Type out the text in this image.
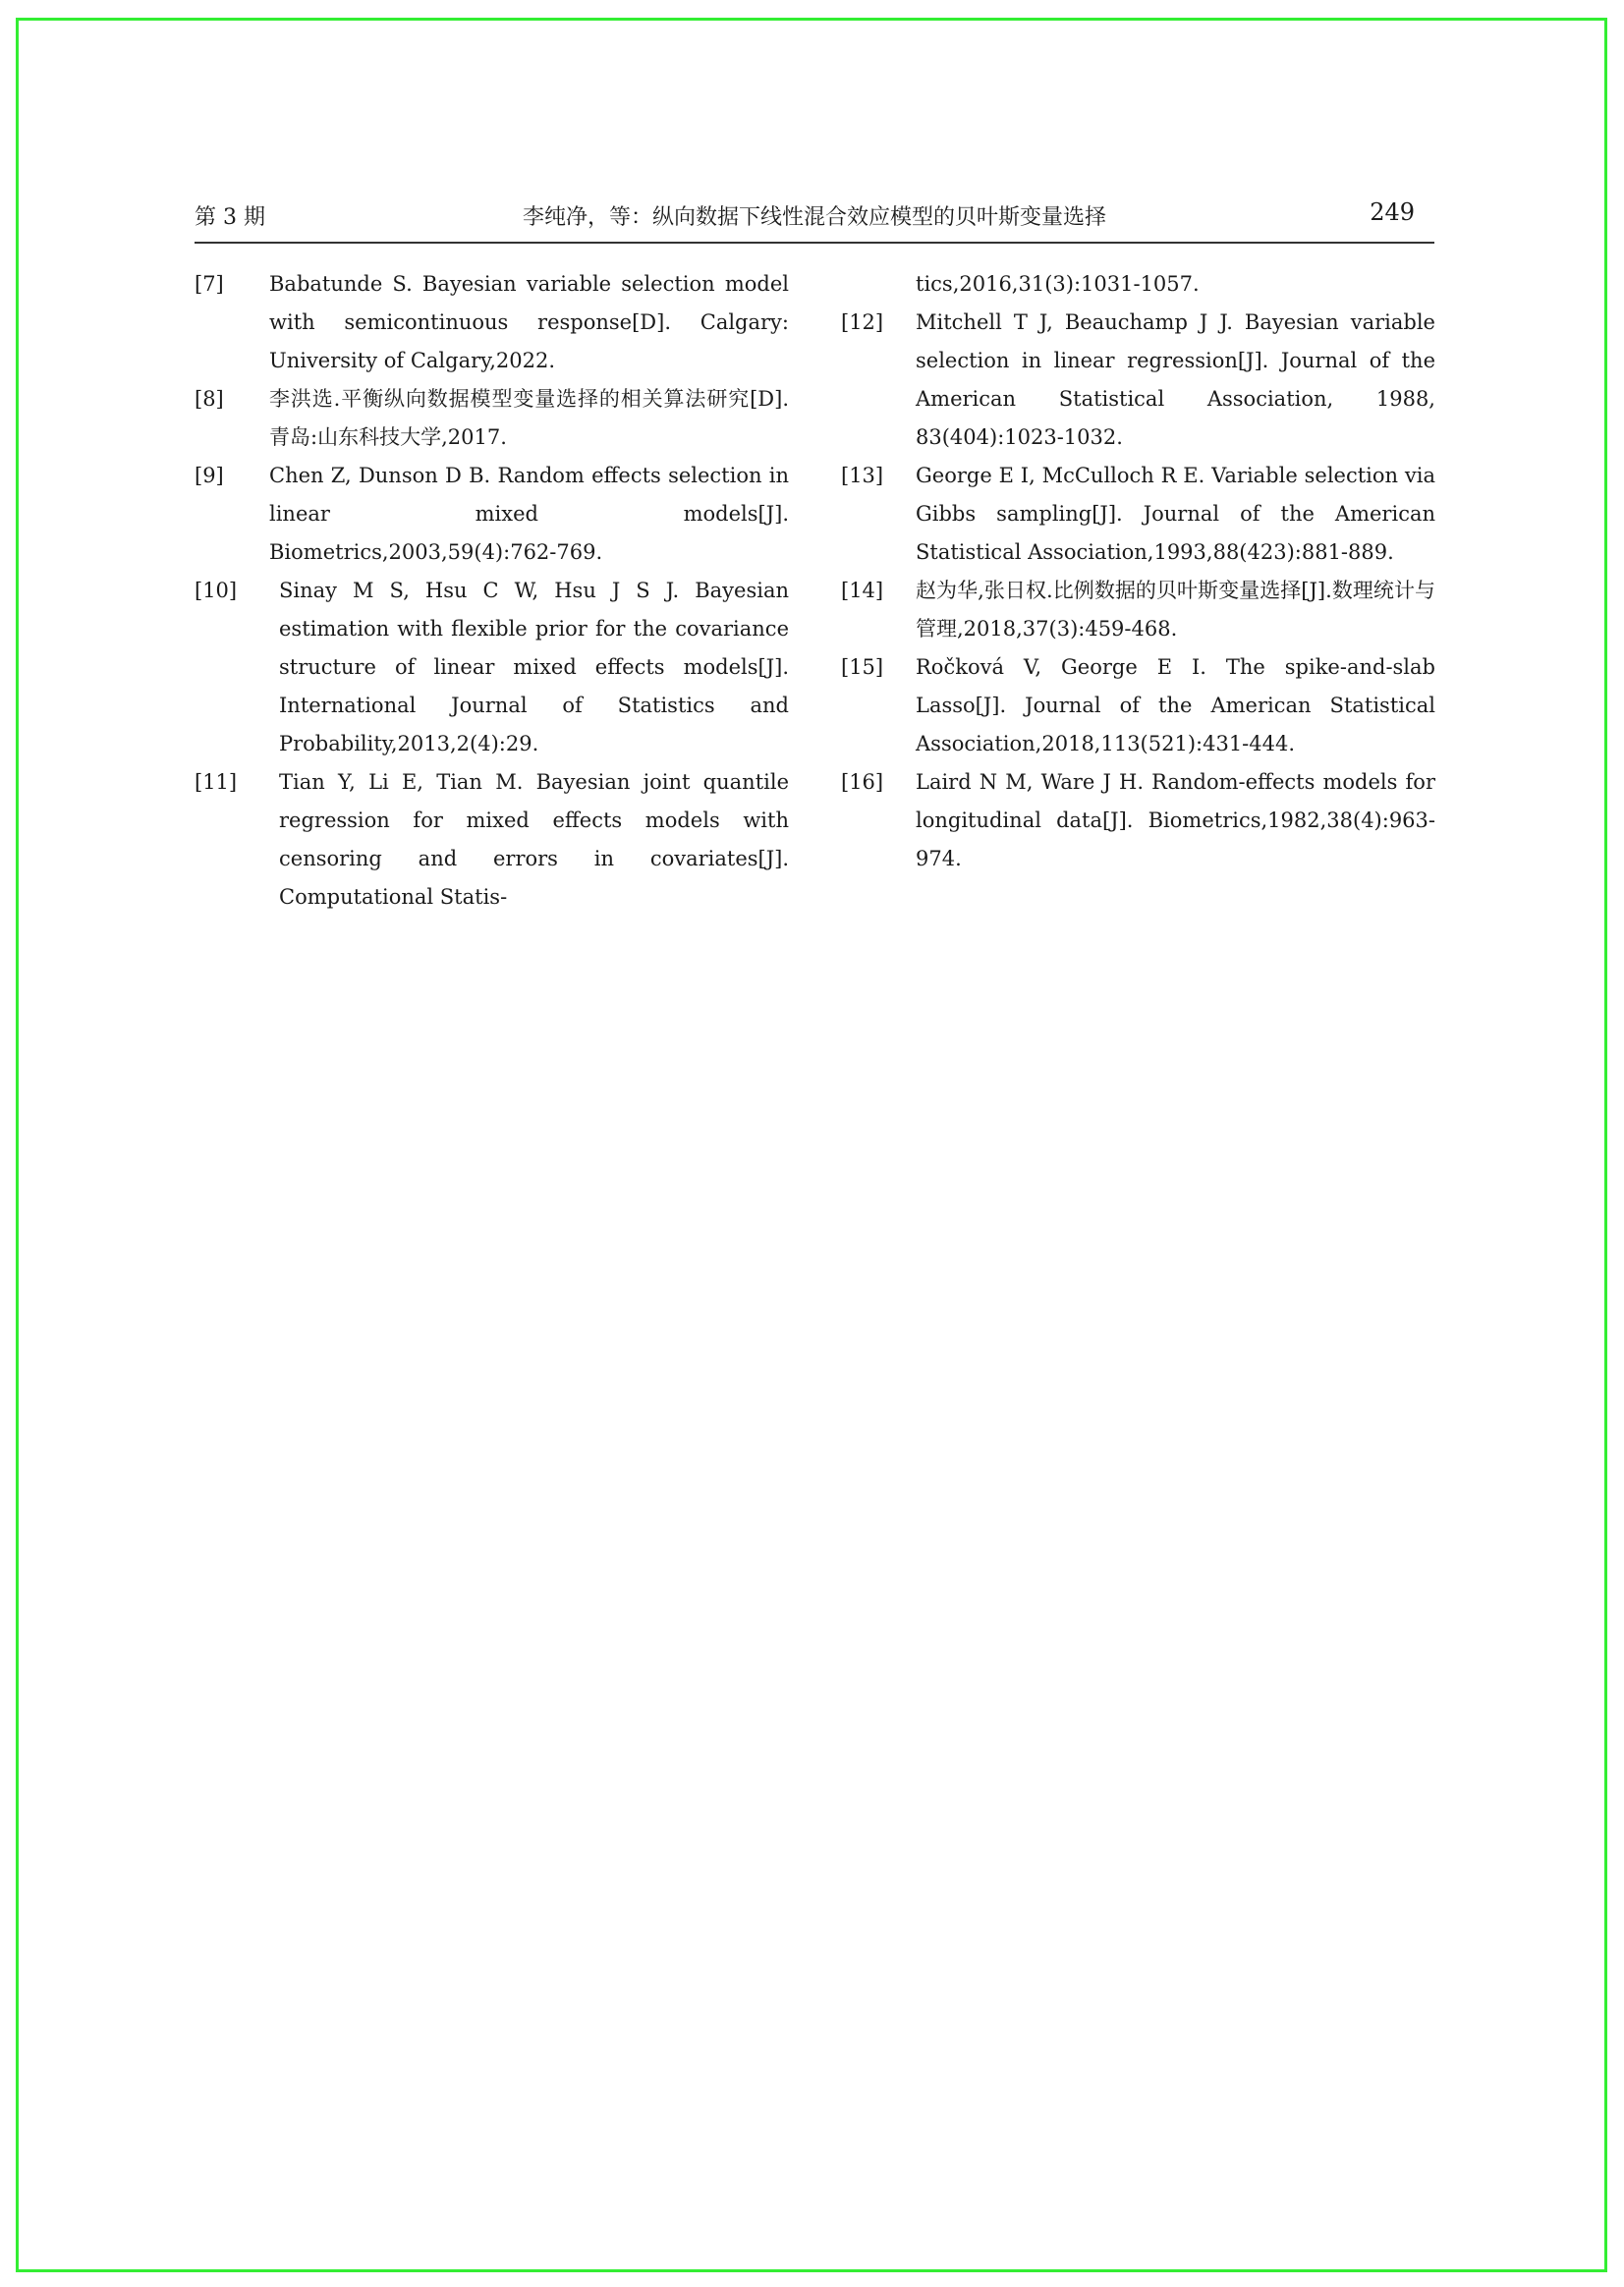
第 3 期	李纯净，等：纵向数据下线性混合效应模型的贝叶斯变量选择	249
[7] Babatunde S. Bayesian variable selection model with semicontinuous response[D]. Calgary: University of Calgary,2022.
[8] 李洪选.平衡纵向数据模型变量选择的相关算法研究[D].青岛:山东科技大学,2017.
[9] Chen Z, Dunson D B. Random effects selection in linear mixed models[J]. Biometrics,2003,59(4):762-769.
[10] Sinay M S, Hsu C W, Hsu J S J. Bayesian estimation with flexible prior for the covariance structure of linear mixed effects models[J]. International Journal of Statistics and Probability,2013,2(4):29.
[11] Tian Y, Li E, Tian M. Bayesian joint quantile regression for mixed effects models with censoring and errors in covariates[J]. Computational Statis-
tics,2016,31(3):1031-1057.
[12] Mitchell T J, Beauchamp J J. Bayesian variable selection in linear regression[J]. Journal of the American Statistical Association, 1988, 83(404):1023-1032.
[13] George E I, McCulloch R E. Variable selection via Gibbs sampling[J]. Journal of the American Statistical Association,1993,88(423):881-889.
[14] 赵为华,张日权.比例数据的贝叶斯变量选择[J].数理统计与管理,2018,37(3):459-468.
[15] Ročková V, George E I. The spike-and-slab Lasso[J]. Journal of the American Statistical Association,2018,113(521):431-444.
[16] Laird N M, Ware J H. Random-effects models for longitudinal data[J]. Biometrics,1982,38(4):963-974.
